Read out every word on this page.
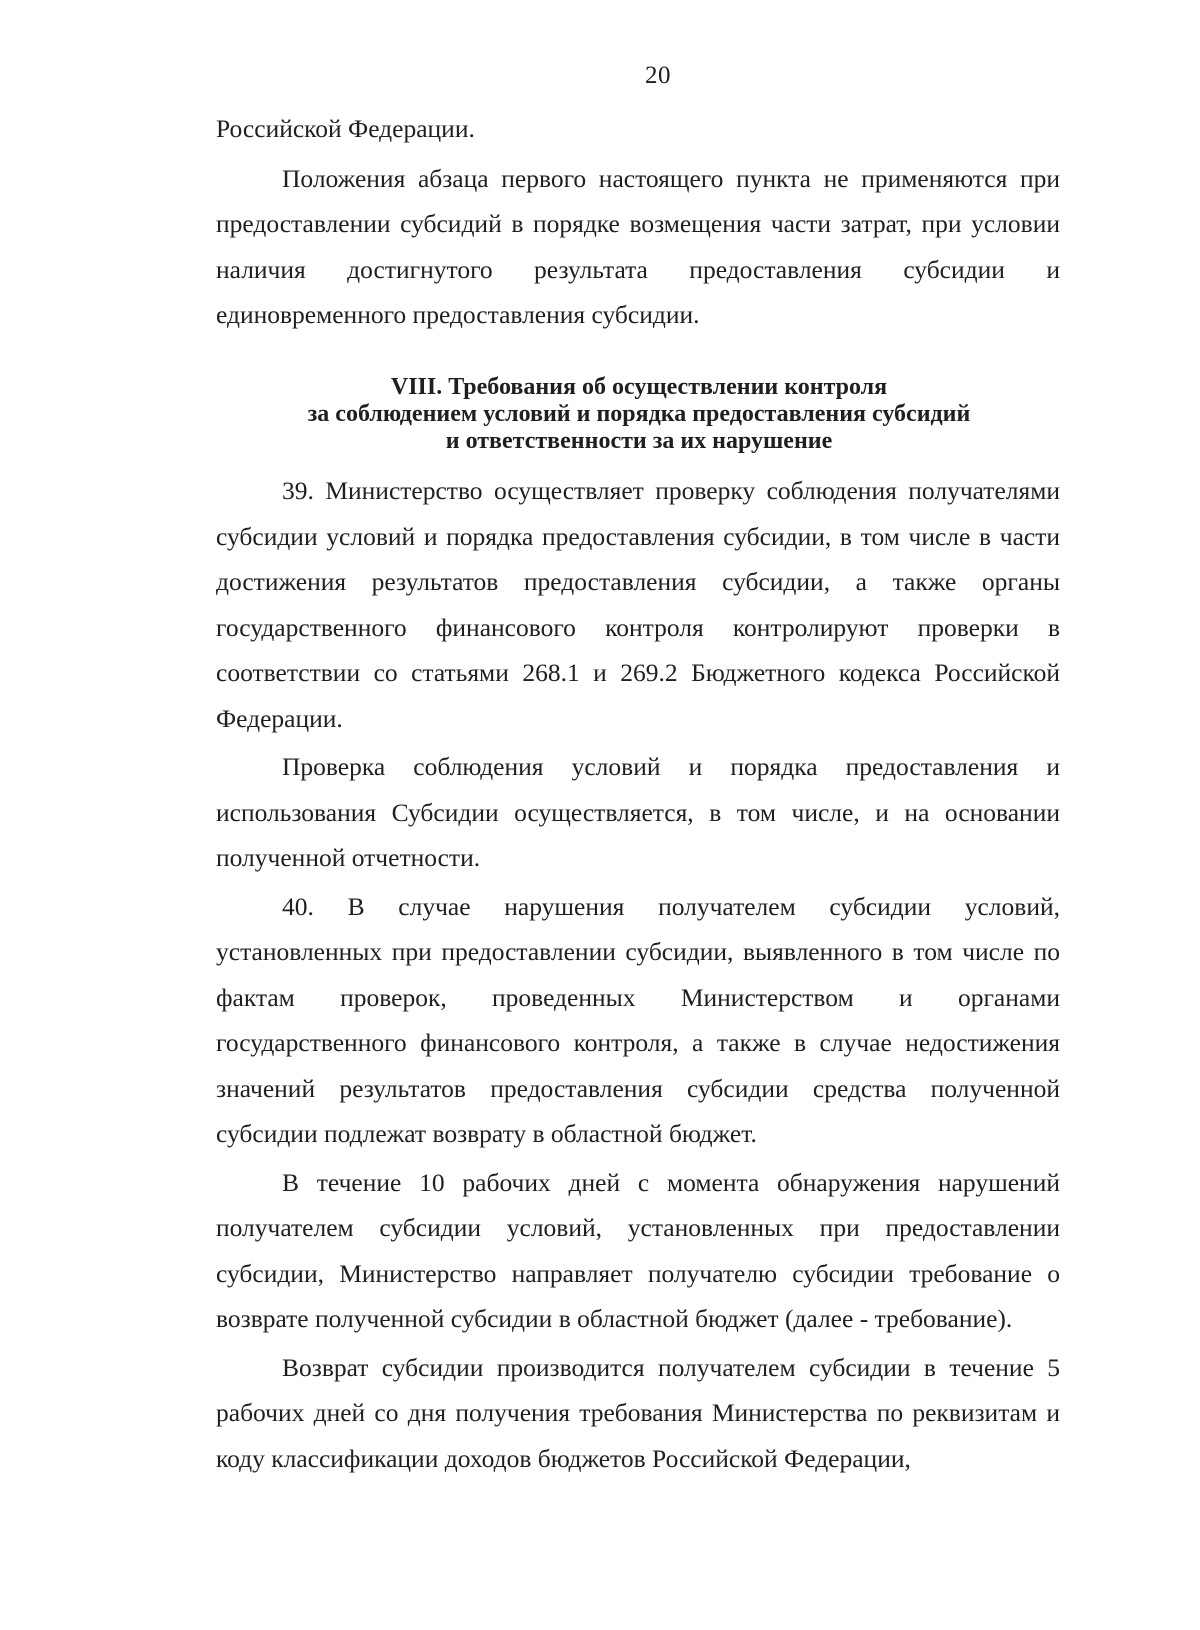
20

Российской Федерации.

Положения абзаца первого настоящего пункта не применяются при предоставлении субсидий в порядке возмещения части затрат, при условии наличия достигнутого результата предоставления субсидии и единовременного предоставления субсидии.

VIII. Требования об осуществлении контроля
за соблюдением условий и порядка предоставления субсидий
и ответственности за их нарушение

39. Министерство осуществляет проверку соблюдения получателями субсидии условий и порядка предоставления субсидии, в том числе в части достижения результатов предоставления субсидии, а также органы государственного финансового контроля контролируют проверки в соответствии со статьями 268.1 и 269.2 Бюджетного кодекса Российской Федерации.

Проверка соблюдения условий и порядка предоставления и использования Субсидии осуществляется, в том числе, и на основании полученной отчетности.

40. В случае нарушения получателем субсидии условий, установленных при предоставлении субсидии, выявленного в том числе по фактам проверок, проведенных Министерством и органами государственного финансового контроля, а также в случае недостижения значений результатов предоставления субсидии средства полученной субсидии подлежат возврату в областной бюджет.

В течение 10 рабочих дней с момента обнаружения нарушений получателем субсидии условий, установленных при предоставлении субсидии, Министерство направляет получателю субсидии требование о возврате полученной субсидии в областной бюджет (далее - требование).

Возврат субсидии производится получателем субсидии в течение 5 рабочих дней со дня получения требования Министерства по реквизитам и коду классификации доходов бюджетов Российской Федерации,
